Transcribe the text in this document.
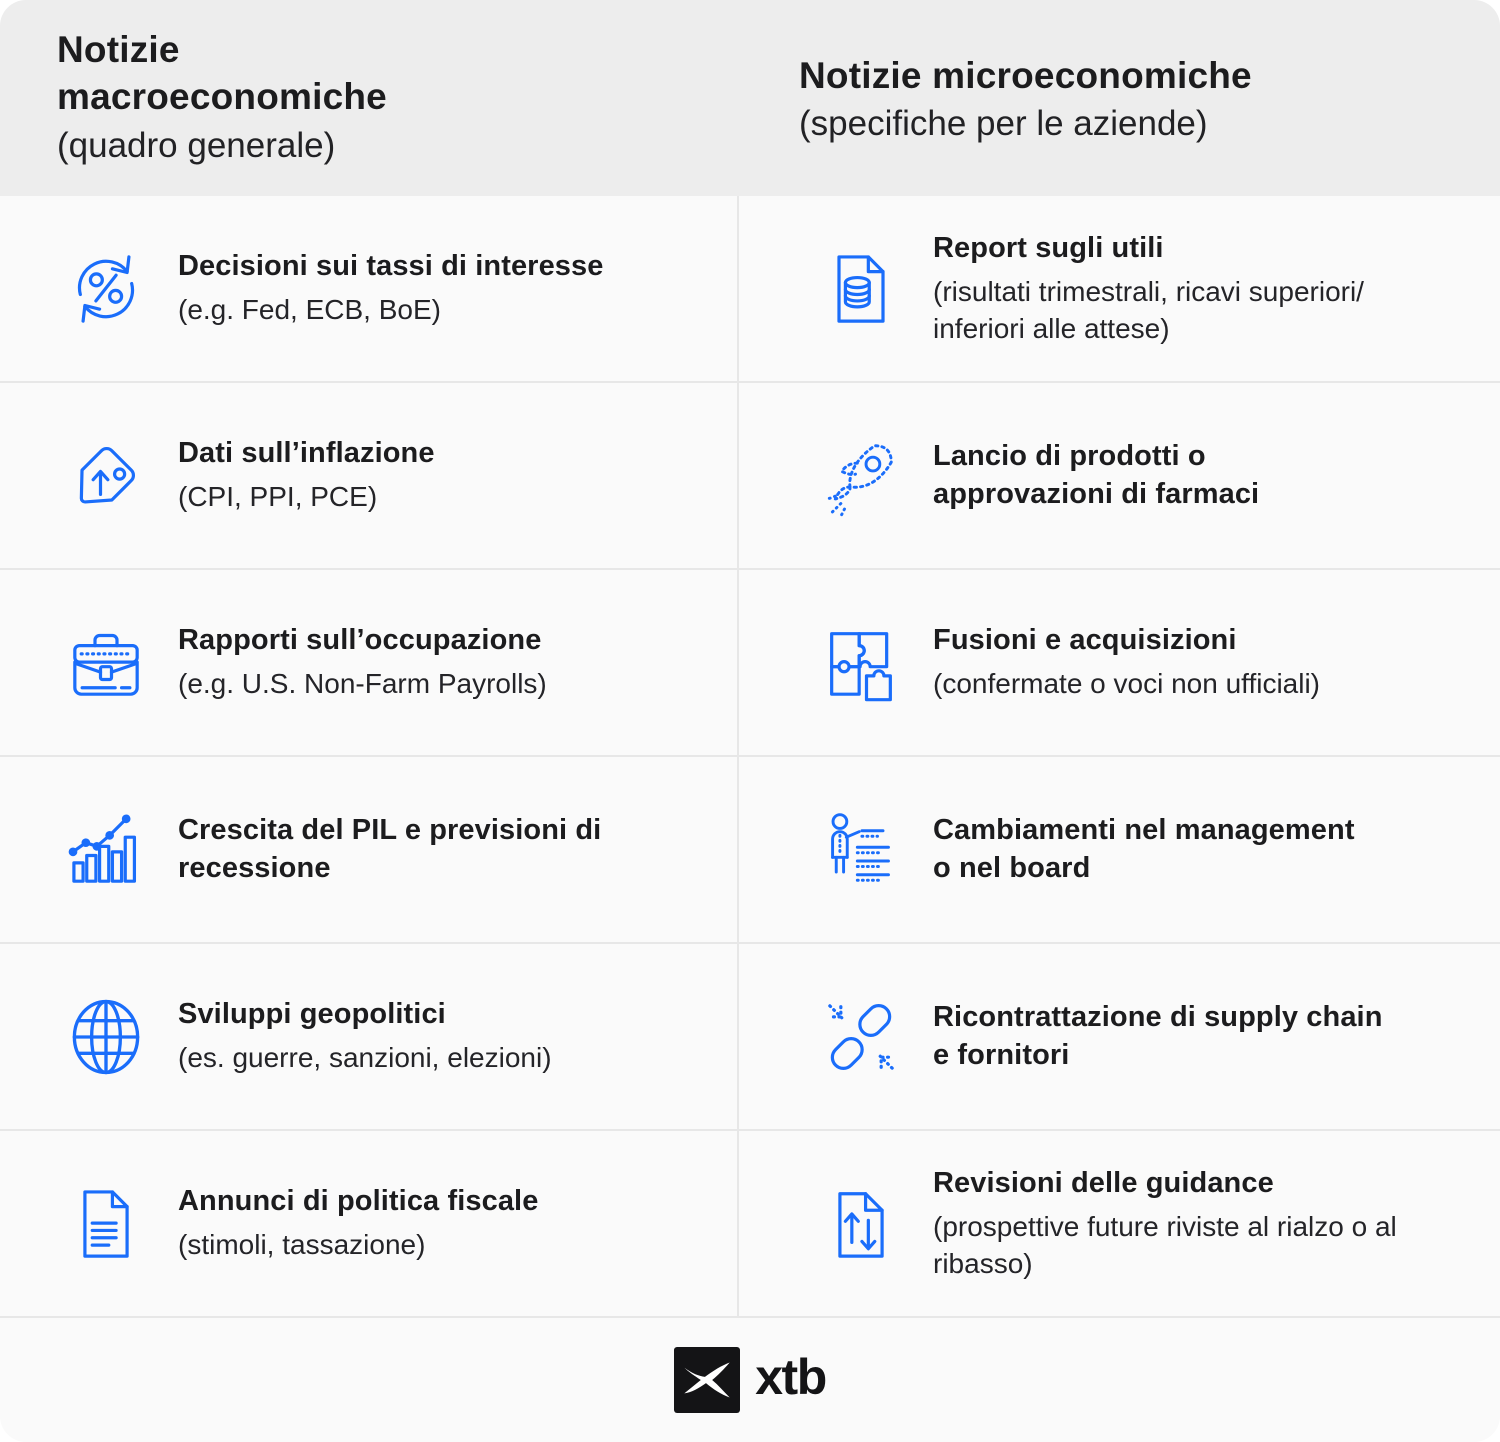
Notizie
macroeconomiche
(quadro generale)
Notizie microeconomiche
(specifiche per le aziende)
Decisioni sui tassi di interesse
(e.g. Fed, ECB, BoE)
Report sugli utili
(risultati trimestrali, ricavi superiori/
inferiori alle attese)
Dati sull’inflazione
(CPI, PPI, PCE)
Lancio di prodotti o
approvazioni di farmaci
Rapporti sull’occupazione
(e.g. U.S. Non-Farm Payrolls)
Fusioni e acquisizioni
(confermate o voci non ufficiali)
Crescita del PIL e previsioni di
recessione
Cambiamenti nel management
o nel board
Sviluppi geopolitici
(es. guerre, sanzioni, elezioni)
Ricontrattazione di supply chain
e fornitori
Annunci di politica fiscale
(stimoli, tassazione)
Revisioni delle guidance
(prospettive future riviste al rialzo o al
ribasso)
xtb
